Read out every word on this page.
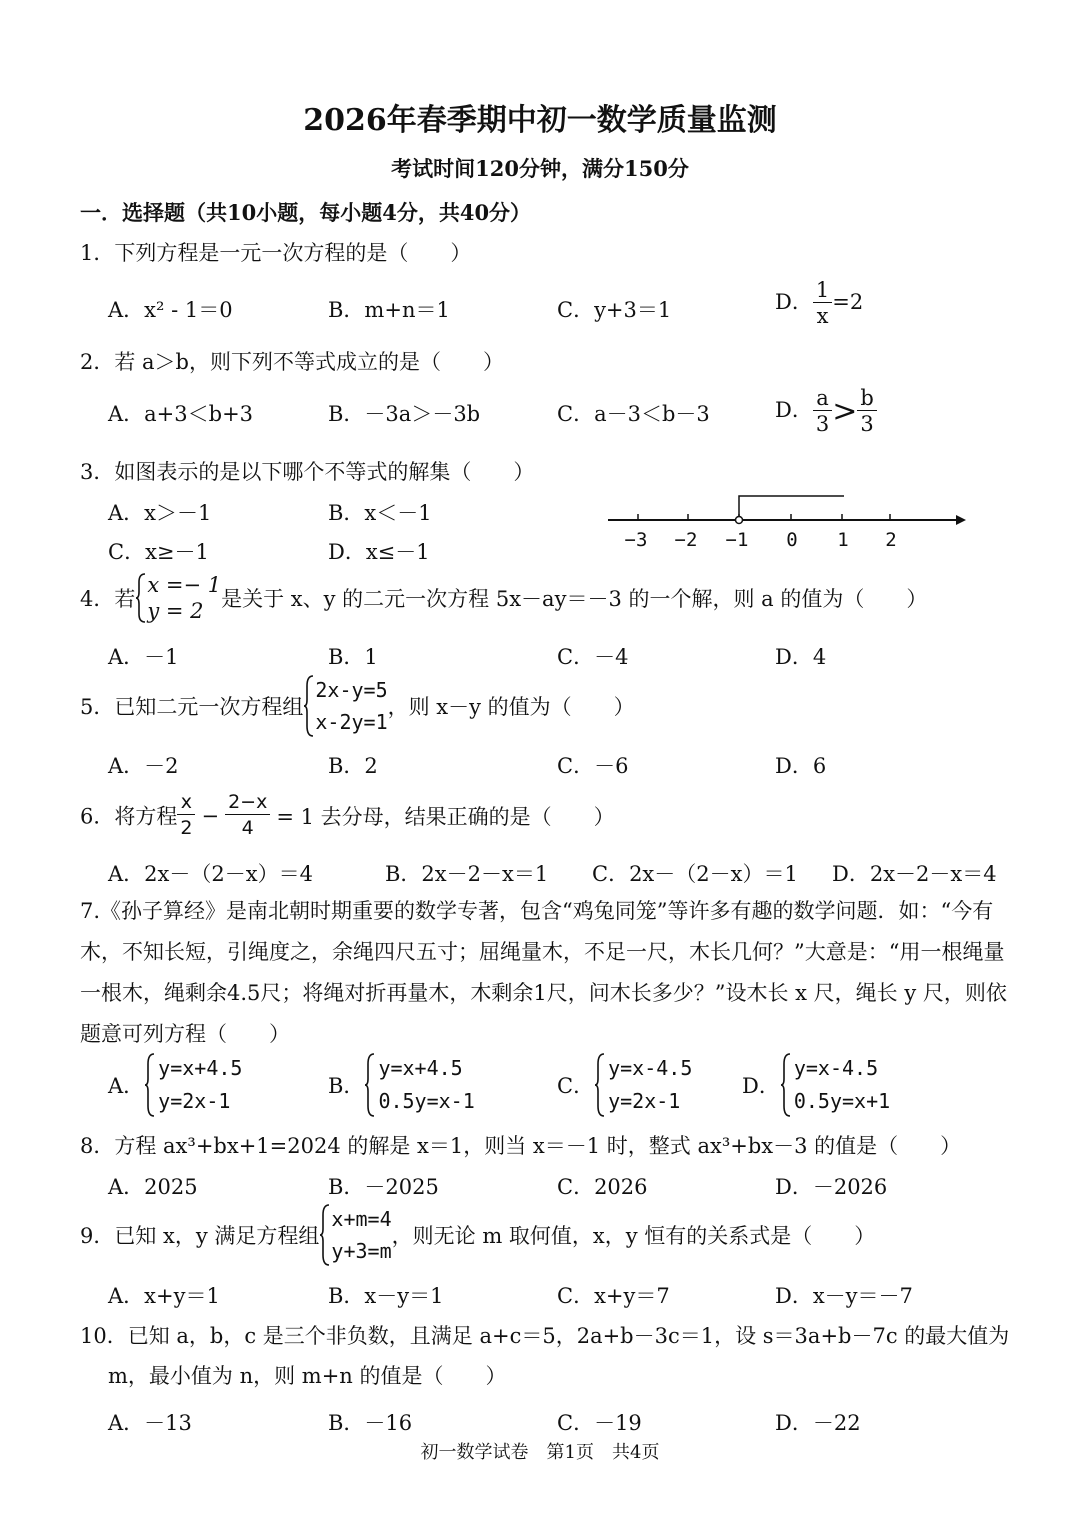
2026年春季期中初一数学质量监测
考试时间120分钟，满分150分
一．选择题（共10小题，每小题4分，共40分）
1．下列方程是一元一次方程的是（　　）
A．x² - 1＝0	B．m+n＝1	C．y+3＝1	D． $\frac{1}{x} =2$
2．若 a＞b，则下列不等式成立的是（　　）
A．a+3＜b+3	B．－3a＞－3b	C．a－3＜b－3	D． $\frac{a}{3} > \frac{b}{3}$
3．如图表示的是以下哪个不等式的解集（　　）
A．x＞－1	B．x＜－1
C．x≥－1	D．x≤－1	−3 −2 −1 0 1 2
4．若
x =− 1
y = 2 是关于 x、y 的二元一次方程 5x－ay＝－3 的一个解，则 a 的值为（　　）
A．－1	B．1	C．－4	D．4
5．已知二元一次方程组
2x-y=5
x-2y=1
，则 x－y 的值为（　　）
A．－2	B．2	C．－6	D．6
6．将方程 $\frac{x}{2} - \frac{2-x}{4} = 1$ 去分母，结果正确的是（　　）
A．2x－（2－x）＝4	B．2x－2－x＝1 C．2x－（2－x）＝1 D．2x－2－x＝4
7.《孙子算经》是南北朝时期重要的数学专著，包含“鸡兔同笼”等许多有趣的数学问题．如：“今有木，不知长短，引绳度之，余绳四尺五寸；屈绳量木，不足一尺，木长几何？”大意是：“用一根绳量一根木，绳剩余4.5尺；将绳对折再量木，木剩余1尺，问木长多少？”设木长 x 尺，绳长 y 尺，则依题意可列方程（　　）
A．
y=x+4.5
y=2x-1
B．
y=x+4.5
0.5y=x-1
C．
y=x-4.5
y=2x-1
D．
y=x-4.5
0.5y=x+1
8．方程 ax³+bx+1=2024 的解是 x＝1，则当 x＝－1 时，整式 ax³+bx－3 的值是（　　）
A．2025	B．－2025	C．2026	D．－2026
9．已知 x，y 满足方程组
x+m=4
y+3=m
，则无论 m 取何值，x，y 恒有的关系式是（　　）
A．x+y＝1	B．x－y＝1	C．x+y＝7	D．x－y＝－7
10．已知 a，b，c 是三个非负数，且满足 a+c＝5，2a+b－3c＝1，设 s＝3a+b－7c 的最大值为
m，最小值为 n，则 m+n 的值是（　　）
A．－13	B．－16	C．－19	D．－22
初一数学试卷　第1页　共4页
